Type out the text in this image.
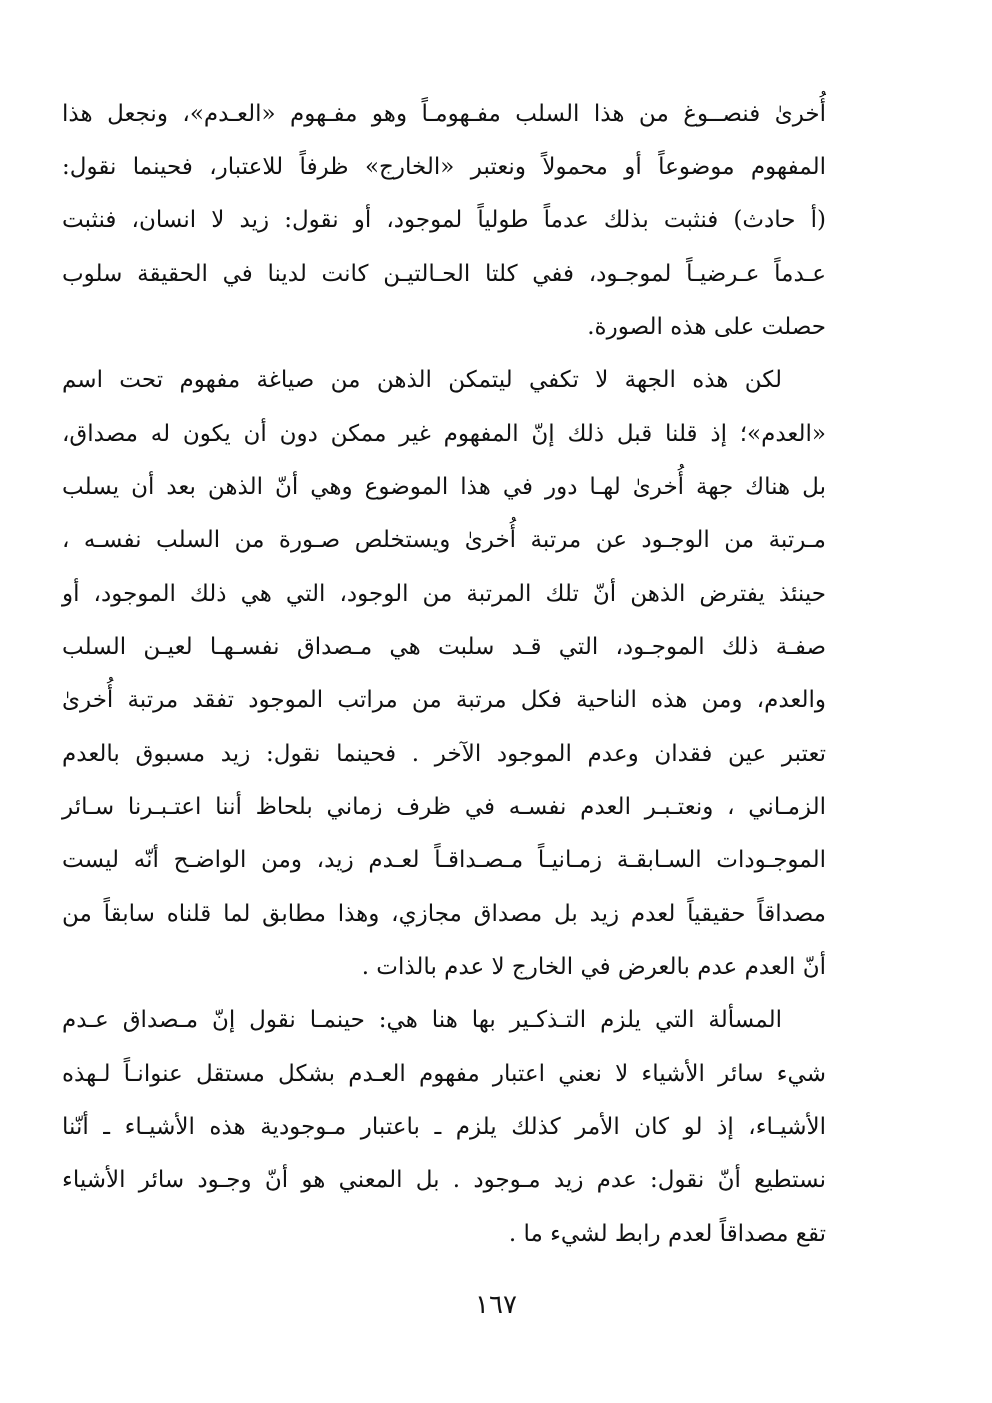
أُخرىٰ فنصــوغ من هذا السلب مفـهومـاً وهو مفـهوم «العـدم»، ونجعل هذا
المفهوم موضوعاً أو محمولاً ونعتبر «الخارج» ظرفاً للاعتبار، فحينما نقول:
(أ حادث) فنثبت بذلك عدماً طولياً لموجود، أو نقول: زيد لا انسان، فنثبت
عـدماً عـرضيـاً لموجـود، ففي كلتا الحـالتيـن كانت لدينا في الحقيقة سلوب
حصلت على هذه الصورة.
لكن هذه الجهة لا تكفي ليتمكن الذهن من صياغة مفهوم تحت اسم
«العدم»؛ إذ قلنا قبل ذلك إنّ المفهوم غير ممكن دون أن يكون له مصداق،
بل هناك جهة أُخرىٰ لهـا دور في هذا الموضوع وهي أنّ الذهن بعد أن يسلب
مـرتبة من الوجـود عن مرتبة أُخرىٰ ويستخلص صـورة من السلب نفسـه ،
حينئذ يفترض الذهن أنّ تلك المرتبة من الوجود، التي هي ذلك الموجود، أو
صفـة ذلك الموجـود، التي قـد سلبت هي مـصداق نفسـهـا لعيـن السلب
والعدم، ومن هذه الناحية فكل مرتبة من مراتب الموجود تفقد مرتبة أُخرىٰ
تعتبر عين فقدان وعدم الموجود الآخر . فحينما نقول: زيد مسبوق بالعدم
الزمـاني ، ونعتـبـر العدم نفسـه في ظرف زماني بلحاظ أننا اعتـبـرنا سـائر
الموجـودات السـابقـة زمـانيـاً مـصـداقـاً لعـدم زيد، ومن الواضـح أنّه ليست
مصداقاً حقيقياً لعدم زيد بل مصداق مجازي، وهذا مطابق لما قلناه سابقاً من
أنّ العدم عدم بالعرض في الخارج لا عدم بالذات .
المسألة التي يلزم التـذكـير بها هنا هي: حينمـا نقول إنّ مـصداق عـدم
شيء سائر الأشياء لا نعني اعتبار مفهوم العـدم بشكل مستقل عنوانـاً لـهذه
الأشيـاء، إذ لو كان الأمر كذلك يلزم ـ باعتبار مـوجودية هذه الأشيـاء ـ أنّنا
نستطيع أنّ نقول: عدم زيد مـوجود . بل المعني هو أنّ وجـود سائر الأشياء
تقع مصداقاً لعدم رابط لشيء ما .
١٦٧
